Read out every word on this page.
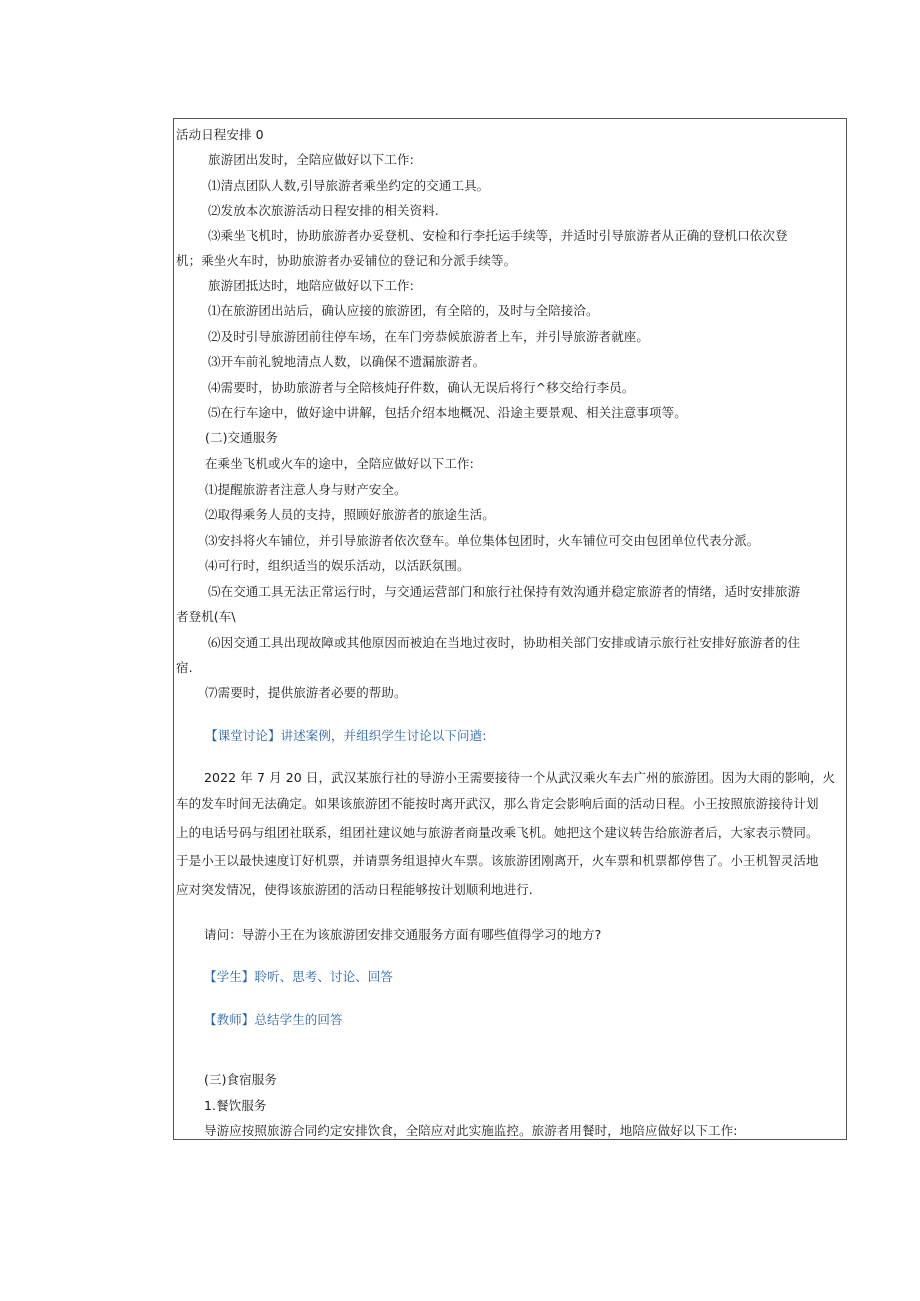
活动日程安排 0
旅游团出发时，全陪应做好以下工作:
⑴清点团队人数,引导旅游者乘坐约定的交通工具。
⑵发放本次旅游活动日程安排的相关资料.
⑶乘坐飞机时，协助旅游者办妥登机、安检和行李托运手续等，并适时引导旅游者从正确的登机口依次登
机；乘坐火车时，协助旅游者办妥铺位的登记和分派手续等。
旅游团抵达时，地陪应做好以下工作:
⑴在旅游团出站后，确认应接的旅游团，有全陪的，及时与全陪接洽。
⑵及时引导旅游团前往停车场，在车门旁恭候旅游者上车，并引导旅游者就座。
⑶开车前礼貌地清点人数，以确保不遗漏旅游者。
⑷需要时，协助旅游者与全陪核炖孖件数，确认无误后将行^移交给行李员。
⑸在行车途中，做好途中讲解，包括介绍本地概况、沿途主要景观、相关注意事项等。
(二)交通服务
在乘坐飞机或火车的途中，全陪应做好以下工作:
⑴提醒旅游者注意人身与财产安全。
⑵取得乘务人员的支持，照顾好旅游者的旅途生活。
⑶安抖将火车铺位，并引导旅游者依次登车。单位集体包团时，火车铺位可交由包团单位代表分派。
⑷可行时，组织适当的娱乐活动，以活跃氛围。
⑸在交通工具无法正常运行时，与交通运营部门和旅行社保持有效沟通并稳定旅游者的情绪，适时安排旅游
者登机(车\
⑹因交通工具出现故障或其他原因而被迫在当地过夜时，协助相关部门安排或请示旅行社安排好旅游者的住
宿.
⑺需要时，提供旅游者必要的帮助。
【课堂讨论】讲述案例，并组织学生讨论以下问遒:
2022 年 7 月 20 日，武汉某旅行社的导游小王需要接待一个从武汉乘火车去广州的旅游团。因为大雨的影响，火
车的发车时间无法确定。如果该旅游团不能按时离开武汉，那么肯定会影响后面的活动日程。小王按照旅游接待计划
上的电话号码与组团社联系，组团社建议她与旅游者商量改乘飞机。她把这个建议转告给旅游者后，大家表示赞同。
于是小王以最快速度订好机票，并请票务组退掉火车票。该旅游团刚离开，火车票和机票都停售了。小王机智灵活地
应对突发情况，使得该旅游团的活动日程能够按计划顺利地进行.
请问：导游小王在为该旅游团安排交通服务方面有哪些值得学习的地方?
【学生】聆听、思考、讨论、回答
【教师】总结学生的回答
(三)食宿服务
1.餐饮服务
导游应按照旅游合同约定安排饮食，全陪应对此实施监控。旅游者用餐时，地陪应做好以下工作:
